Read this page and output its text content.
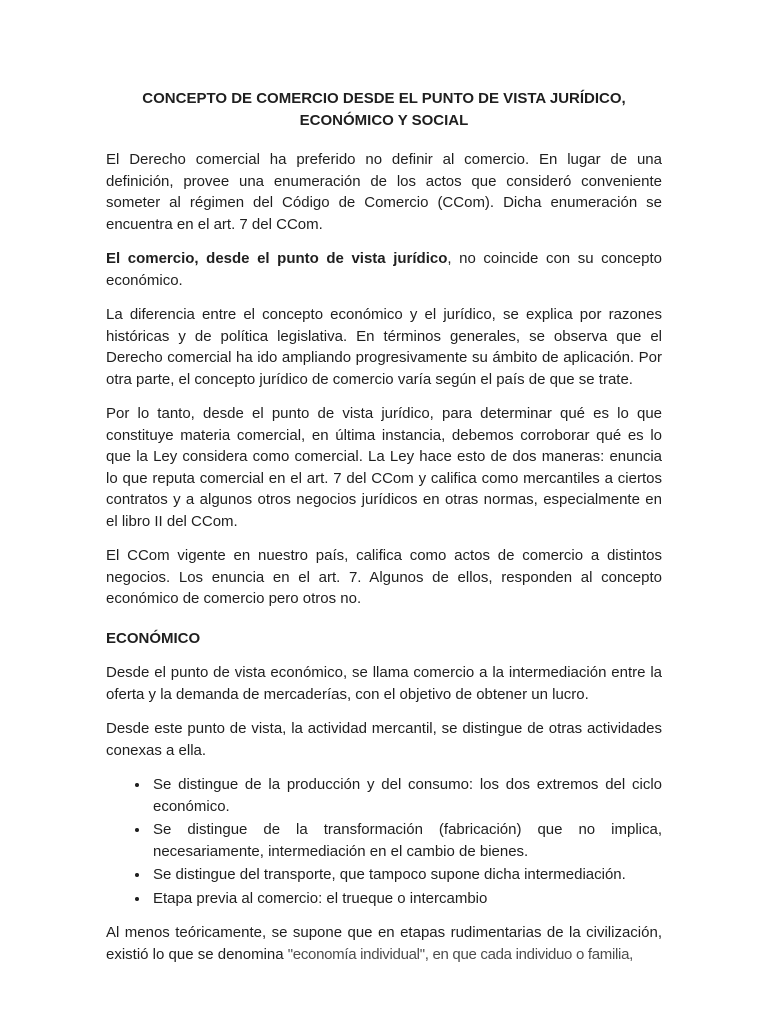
CONCEPTO DE COMERCIO DESDE EL PUNTO DE VISTA JURÍDICO, ECONÓMICO Y SOCIAL

El Derecho comercial ha preferido no definir al comercio. En lugar de una definición, provee una enumeración de los actos que consideró conveniente someter al régimen del Código de Comercio (CCom). Dicha enumeración se encuentra en el art. 7 del CCom.

El comercio, desde el punto de vista jurídico, no coincide con su concepto económico.

La diferencia entre el concepto económico y el jurídico, se explica por razones históricas y de política legislativa. En términos generales, se observa que el Derecho comercial ha ido ampliando progresivamente su ámbito de aplicación. Por otra parte, el concepto jurídico de comercio varía según el país de que se trate.

Por lo tanto, desde el punto de vista jurídico, para determinar qué es lo que constituye materia comercial, en última instancia, debemos corroborar qué es lo que la Ley considera como comercial. La Ley hace esto de dos maneras: enuncia lo que reputa comercial en el art. 7 del CCom y califica como mercantiles a ciertos contratos y a algunos otros negocios jurídicos en otras normas, especialmente en el libro II del CCom.

El CCom vigente en nuestro país, califica como actos de comercio a distintos negocios. Los enuncia en el art. 7. Algunos de ellos, responden al concepto económico de comercio pero otros no.

ECONÓMICO

Desde el punto de vista económico, se llama comercio a la intermediación entre la oferta y la demanda de mercaderías, con el objetivo de obtener un lucro.

Desde este punto de vista, la actividad mercantil, se distingue de otras actividades conexas a ella.

• Se distingue de la producción y del consumo: los dos extremos del ciclo económico.
• Se distingue de la transformación (fabricación) que no implica, necesariamente, intermediación en el cambio de bienes.
• Se distingue del transporte, que tampoco supone dicha intermediación.
• Etapa previa al comercio: el trueque o intercambio

Al menos teóricamente, se supone que en etapas rudimentarias de la civilización, existió lo que se denomina "economía individual", en que cada individuo o familia,
